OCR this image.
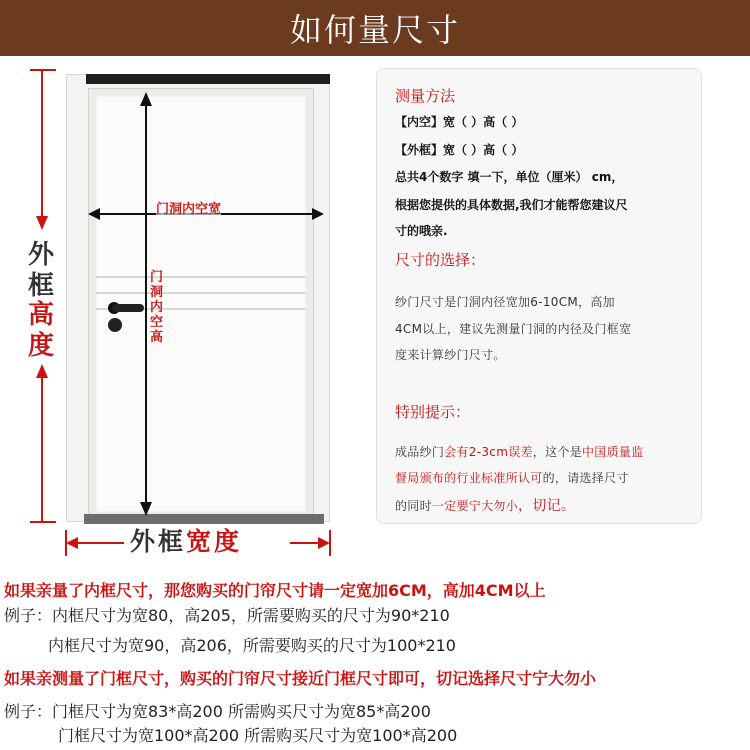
如何量尺寸
门洞内空宽
门洞内空高
外框
高度
外框宽度
测量方法
【内空】宽（ ）高（ ）
【外框】宽（ ）高（ ）
总共4个数字 填一下，单位（厘米） cm，
根据您提供的具体数据,我们才能帮您建议尺
寸的哦亲.
尺寸的选择：
纱门尺寸是门洞内径宽加6-10CM，高加
4CM以上，建议先测量门洞的内径及门框宽
度来计算纱门尺寸。
特别提示：
成品纱门会有2-3cm误差，这个是中国质量监
督局颁布的行业标准所认可的，请选择尺寸
的同时一定要宁大勿小，切记。
如果亲量了内框尺寸，那您购买的门帘尺寸请一定宽加6CM，高加4CM以上
例子：内框尺寸为宽80，高205，所需要购买的尺寸为90*210
内框尺寸为宽90，高206，所需要购买的尺寸为100*210
如果亲测量了门框尺寸，购买的门帘尺寸接近门框尺寸即可，切记选择尺寸宁大勿小
例子：门框尺寸为宽83*高200 所需购买尺寸为宽85*高200
门框尺寸为宽100*高200 所需购买尺寸为宽100*高200
